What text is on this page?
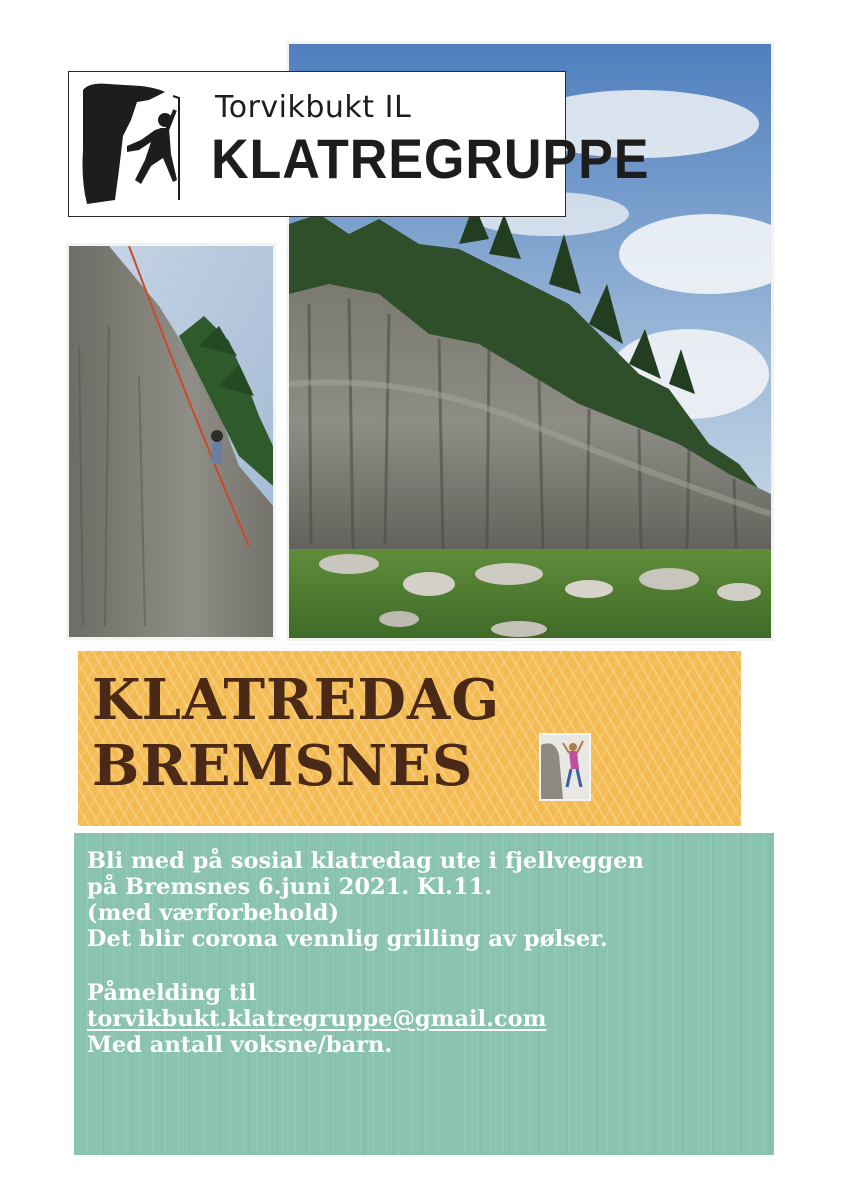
Torvikbukt IL
KLATREGRUPPE
KLATREDAG
BREMSNES
Bli med på sosial klatredag ute i fjellveggen
på Bremsnes 6.juni 2021. Kl.11.
(med værforbehold)
Det blir corona vennlig grilling av pølser.
Påmelding til
torvikbukt.klatregruppe@gmail.com
Med antall voksne/barn.
